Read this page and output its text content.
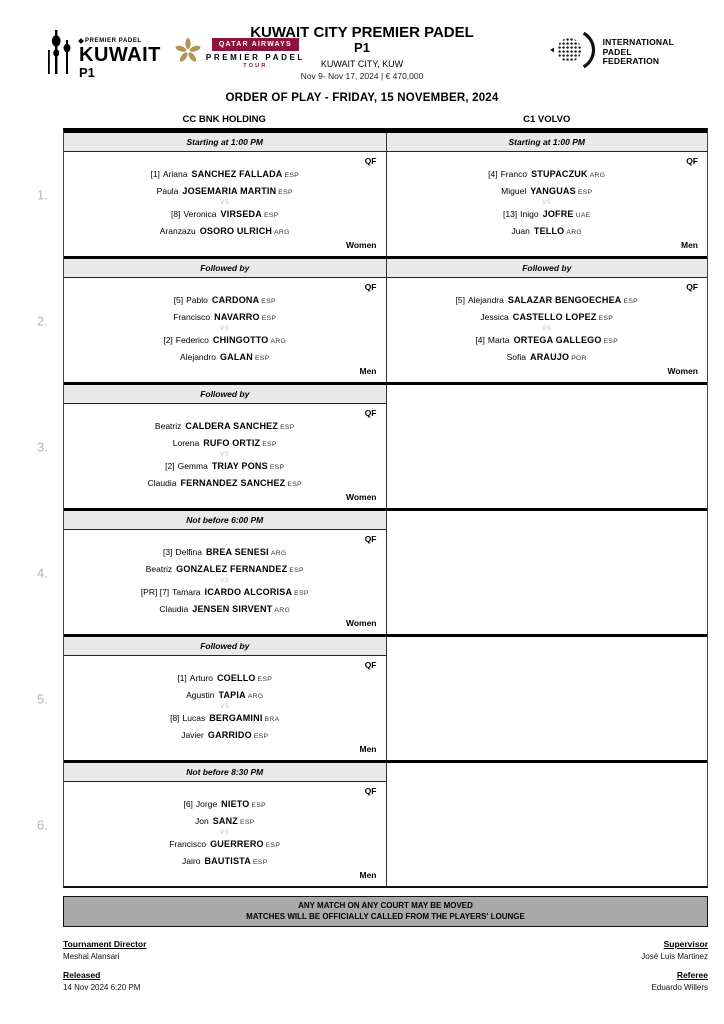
PREMIER PADEL
KUWAIT
P1
QATAR AIRWAYS
PREMIER PADEL
TOUR
KUWAIT CITY PREMIER PADEL
P1
KUWAIT CITY, KUW
Nov 9- Nov 17, 2024 | € 470,000
INTERNATIONAL
PADEL
FEDERATION
ORDER OF PLAY - FRIDAY, 15 NOVEMBER, 2024
CC BNK HOLDING	C1 VOLVO
1.
Starting at 1:00 PM
QF
[1] Ariana SANCHEZ FALLADA ESP
Paula JOSEMARIA MARTIN ESP
VS
[8] Veronica VIRSEDA ESP
Aranzazu OSORO ULRICH ARG
Women
Starting at 1:00 PM
QF
[4] Franco STUPACZUK ARG
Miguel YANGUAS ESP
VS
[13] Inigo JOFRE UAE
Juan TELLO ARG
Men
2.
Followed by
QF
[5] Pablo CARDONA ESP
Francisco NAVARRO ESP
VS
[2] Federico CHINGOTTO ARG
Alejandro GALAN ESP
Men
Followed by
QF
[5] Alejandra SALAZAR BENGOECHEA ESP
Jessica CASTELLO LOPEZ ESP
VS
[4] Marta ORTEGA GALLEGO ESP
Sofia ARAUJO POR
Women
3.
Followed by
QF
Beatriz CALDERA SANCHEZ ESP
Lorena RUFO ORTIZ ESP
VS
[2] Gemma TRIAY PONS ESP
Claudia FERNANDEZ SANCHEZ ESP
Women
4.
Not before 6:00 PM
QF
[3] Delfina BREA SENESI ARG
Beatriz GONZALEZ FERNANDEZ ESP
VS
[PR] [7] Tamara ICARDO ALCORISA ESP
Claudia JENSEN SIRVENT ARG
Women
5.
Followed by
QF
[1] Arturo COELLO ESP
Agustin TAPIA ARG
VS
[8] Lucas BERGAMINI BRA
Javier GARRIDO ESP
Men
6.
Not before 8:30 PM
QF
[6] Jorge NIETO ESP
Jon SANZ ESP
VS
Francisco GUERRERO ESP
Jairo BAUTISTA ESP
Men
ANY MATCH ON ANY COURT MAY BE MOVED
MATCHES WILL BE OFFICIALLY CALLED FROM THE PLAYERS' LOUNGE
Tournament Director
Meshal Alansari
Released
14 Nov 2024 6:20 PM
Supervisor
José Luis Martinez
Referee
Eduardo Willers
